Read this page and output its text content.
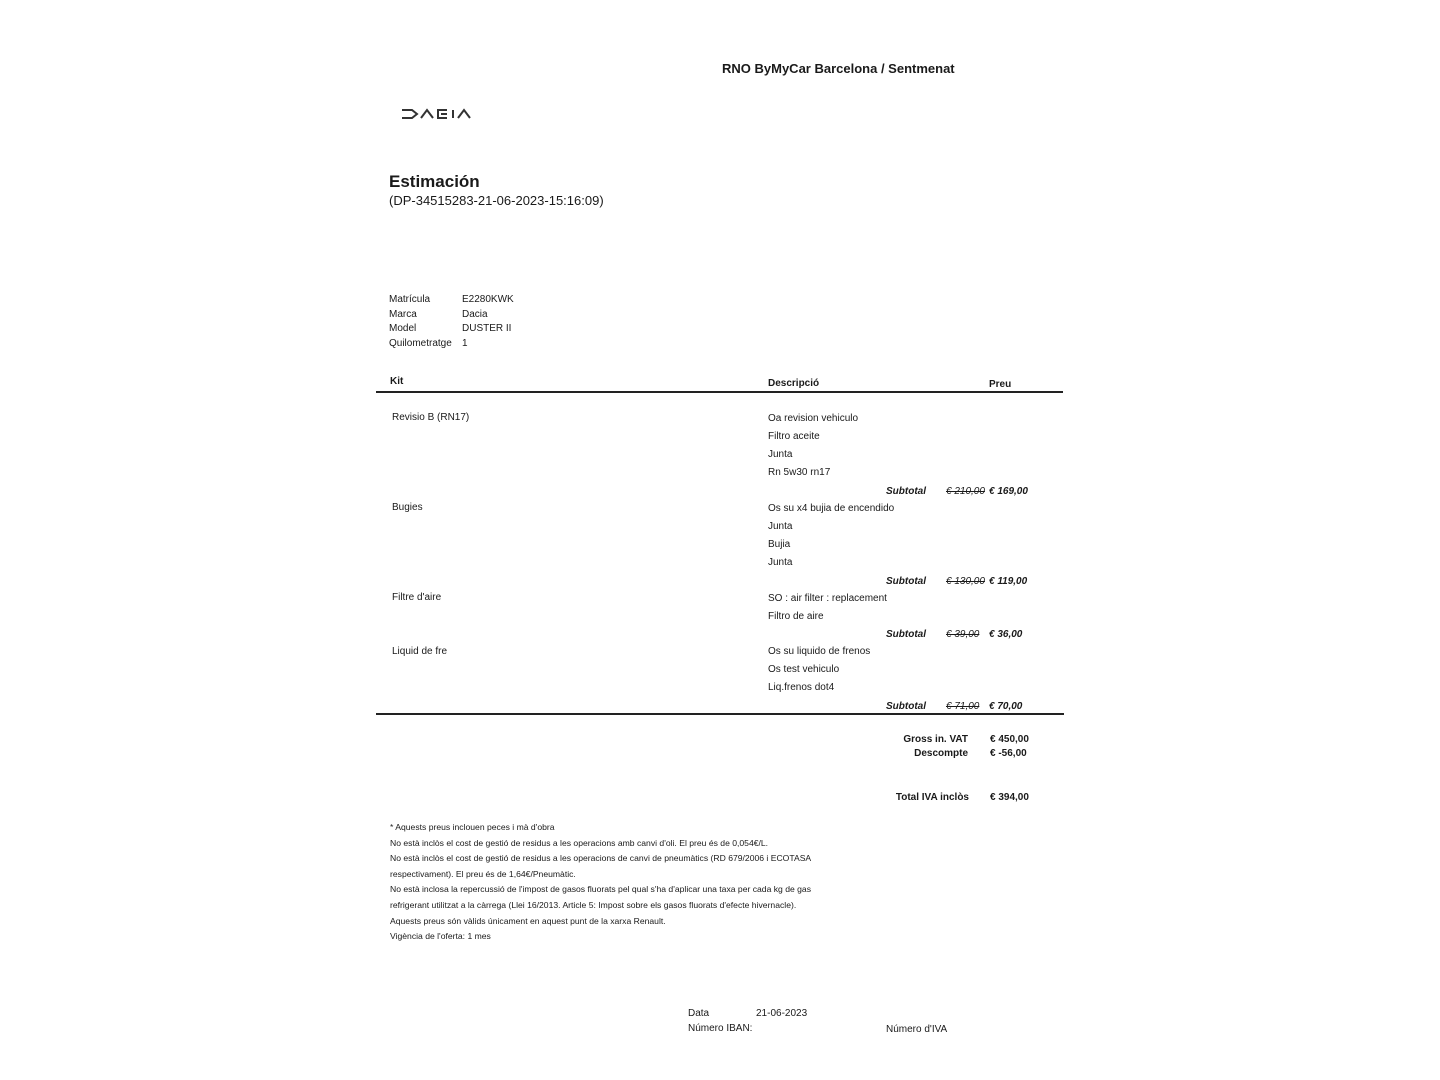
RNO ByMyCar Barcelona / Sentmenat
Estimación
(DP-34515283-21-06-2023-15:16:09)
Matrícula	E2280KWK
Marca	Dacia
Model	DUSTER II
Quilometratge	1
Kit	Descripció	Preu
Revisio B (RN17)	Oa revision vehiculo
Filtro aceite
Junta
Rn 5w30 rn17
Subtotal € 210,00 € 169,00
Bugies	Os su x4 bujia de encendido
Junta
Bujia
Junta
Subtotal € 130,00 € 119,00
Filtre d'aire	SO : air filter : replacement
Filtro de aire
Subtotal € 39,00 € 36,00
Liquid de fre	Os su liquido de frenos
Os test vehiculo
Liq.frenos dot4
Subtotal € 71,00 € 70,00
Gross in. VAT € 450,00
Descompte € -56,00
Total IVA inclòs € 394,00
* Aquests preus inclouen peces i mà d'obra
No està inclòs el cost de gestió de residus a les operacions amb canvi d'oli. El preu és de 0,054€/L.
No està inclòs el cost de gestió de residus a les operacions de canvi de pneumàtics (RD 679/2006 i ECOTASA
respectivament). El preu és de 1,64€/Pneumàtic.
No està inclosa la repercussió de l'impost de gasos fluorats pel qual s'ha d'aplicar una taxa per cada kg de gas
refrigerant utilitzat a la càrrega (Llei 16/2013. Article 5: Impost sobre els gasos fluorats d'efecte hivernacle).
Aquests preus són vàlids únicament en aquest punt de la xarxa Renault.
Vigència de l'oferta: 1 mes
Data	21-06-2023
Número IBAN:	Número d'IVA
